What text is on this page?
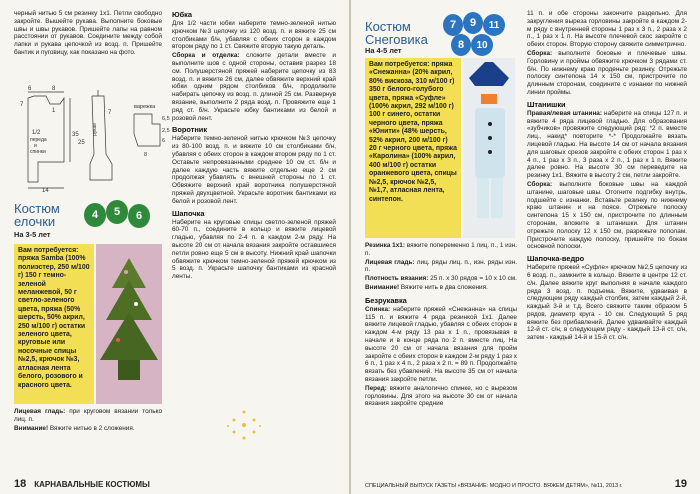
черный нитью 5 см резинку 1х1. Петли свободно закройте. Вышейте рукава. Выполните боковые швы и швы рукавов. Пришейте лапы на равном расстоянии от рукавов. Соедините между собой лапки и рукава цепочкой из возд. п. Пришейте бантик и пуговицу, как показано на фото.
6	8
7
1
1/2
переда
и
спинки
35
14
рукав
7
25
варежка
6,5
2,5
6
8
Костюм елочки
На 3-5 лет
4	5	6
Вам потребуется: пряжа Samba (100% полиэстер, 250 м/100 г) 150 г темно-зеленой меланжевой, 50 г светло-зеленого цвета, пряжа (50% шерсть, 50% акрил, 250 м/100 г) остатки зеленого цвета, круговые или носочные спицы №2,5, крючок №3, атласная лента белого, розового и красного цвета.

Лицевая гладь: при круговом вязании только лиц. п.

Внимание! Вяжите нитью в 2 сложения.

Юбка

Для 1/2 части юбки наберите темно-зеленой нитью крючком №3 цепочку из 120 возд. п. и вяжите 25 см столбиками б/н, убавляя с обеих сторон в каждом втором ряду по 1 ст. Свяжите вторую такую деталь.

Сборка и отделка: сложите детали вместе и выполните шов с одной стороны, оставив разрез 18 см. Полушерстяной пряжей наберите цепочку из 83 возд. п. и вяжите 26 см, далее обвяжите верхний край юбки одним рядом столбиков б/н, продолжите набирать цепочку из возд. п. длиной 25 см. Развернув вязание, выполните 2 ряда возд. п. Провяжите еще 1 ряд ст. б/н. Украсьте юбку бантиками из белой и розовой лент.

Воротник

Наберите темно-зеленой нитью крючком №3 цепочку из 80-100 возд. п. и вяжите 10 см столбиками б/н, убавляя с обеих сторон в каждом втором ряду по 1 ст. Оставьте непровязанными среднее 10 см ст. б/н и далее каждую часть вяжите отдельно еще 2 см продолжая убавлять с внешней стороны по 1 ст. Обвяжите верхний край воротника полушерстяной пряжей двухцветной. Украсьте воротник бантиками из белой и розовой лент.

Шапочка

Наберите на круговые спицы светло-зеленой пряжей 60-70 п., соедините в кольцо и вяжите лицевой гладью, убавляя по 2-4 п. в каждом 2-м ряду. На высоте 20 см от начала вязания закройте оставшиеся петли ровно еще 5 см в высоту. Нижний край шапочки обвяжите крючком темно-зеленой пряжей крючком из 5 возд. п. Украсьте шапочку бантиками из красной ленты.

18 КАРНАВАЛЬНЫЕ КОСТЮМЫ
Костюм Снеговика
На 4-5 лет
7	9	11
8	10
Вам потребуется: пряжа «Снежанна» (20% акрил, 80% вискоза, 310 м/100 г) 350 г белого-голубого цвета, пряжа «Суфле» (100% акрил, 292 м/100 г) 100 г синего, остатки черного цвета, пряжа «Юнити» (48% шерсть, 52% акрил, 200 м/100 г) 20 г черного цвета, пряжа «Каролина» (100% акрил, 400 м/100 г) остатки оранжевого цвета, спицы №2,5, крючок №2,5, №1,7, атласная лента, синтепон.

Резинка 1х1: вяжите попеременно 1 лиц. п., 1 изн. п.

Лицевая гладь: лиц. ряды лиц. п., изн. ряды изн. п.

Плотность вязания: 25 п. х 30 рядов = 10 х 10 см.

Внимание! Вяжите нить в два сложения.

Безрукавка

Спинка: наберите пряжей «Снежанна» на спицы 115 п. и вяжите 4 ряда резинкой 1х1. Далее вяжите лицевой гладью, убавляя с обеих сторон в каждом 4-м ряду 13 раз х 1 п., провязывая в начале и в конце ряда по 2 п. вместе лиц. На высоте 20 см от начала вязания для пройм закройте с обеих сторон в каждом 2-м ряду 1 раз х 6 п., 1 раз х 4 п., 2 раза х 2 п. = 89 п. Продолжайте вязать без убавлений. На высоте 35 см от начала вязания закройте петли.

Перед: вяжите аналогично спинке, но с вырезом горловины. Для этого на высоте 30 см от начала вязания закройте средние

11 п. и обе стороны закончите раздельно. Для закругления выреза горловины закройте в каждом 2-м ряду с внутренней стороны 1 раз х 3 п., 2 раза х 2 п., 1 раз х 1 п. На высоте плечевой скос закройте с обеих сторон. Вторую сторону свяжите симметрично.

Сборка: выполните боковые и плечевые швы. Горловину и проймы обвяжите крючком 3 рядами ст. б/н. По нижнему краю проденьте резинку. Отрежьте полоску синтепона 14 х 150 см, пристрочите по длинным сторонам, соедините с изнанки по нижней линии проймы.

Штанишки

Правая/левая штанина: наберите на спицы 127 п. и вяжите 4 ряда лицевой гладью. Для образования «зубчиков» провяжите следующий ряд: *2 п. вместе лиц., накид* повторите *-* Продолжайте вязать лицевой гладью. На высоте 14 см от начала вязания для шаговых срезов закройте с обеих сторон 1 раз х 4 п., 1 раз х 3 п., 3 раза х 2 п., 1 раз х 1 п. Вяжите далее ровно. На высоте 30 см переведите на резинку 1х1. Вяжите в высоту 2 см, петли закройте.

Сборка: выполните боковые швы на каждой штанине, шаговые швы. Отогните подгибку внутрь, подшейте с изнанки. Вставьте резинку по нижнему краю штанин и на поясе. Отрежьте полоску синтепона 15 х 150 см, пристрочите по длинным сторонам, вложите в штанишки. Для штанин отрежьте полоску 12 х 150 см, разрежьте пополам. Пристрочите каждую полоску, пришейте по бокам основной полоски.

Шапочка-ведро

Наберите пряжей «Суфле» крючком №2,5 цепочку из 6 возд. п., замкните в кольцо. Вяжите в центре 12 ст. с/н. Далее вяжите круг выполняя в начале каждого ряда 3 возд. п. подъема. Вяжите, удваивая в следующем ряду каждый столбик, затем каждый 2-й, каждый 3-й и т.д. Всего свяжите таким образом 5 рядов, диаметр круга - 10 см. Следующий 5 ряд вяжите без прибавлений. Далее удваивайте каждый 12-й ст. с/н, в следующем ряду - каждый 13-й ст. с/н, затем - каждый 14-й и 15-й ст. с/н.

СПЕЦИАЛЬНЫЙ ВЫПУСК ГАЗЕТЫ «ВЯЗАНИЕ: МОДНО И ПРОСТО. ВЯЖЕМ ДЕТЯМ», №11, 2013 г.	19
